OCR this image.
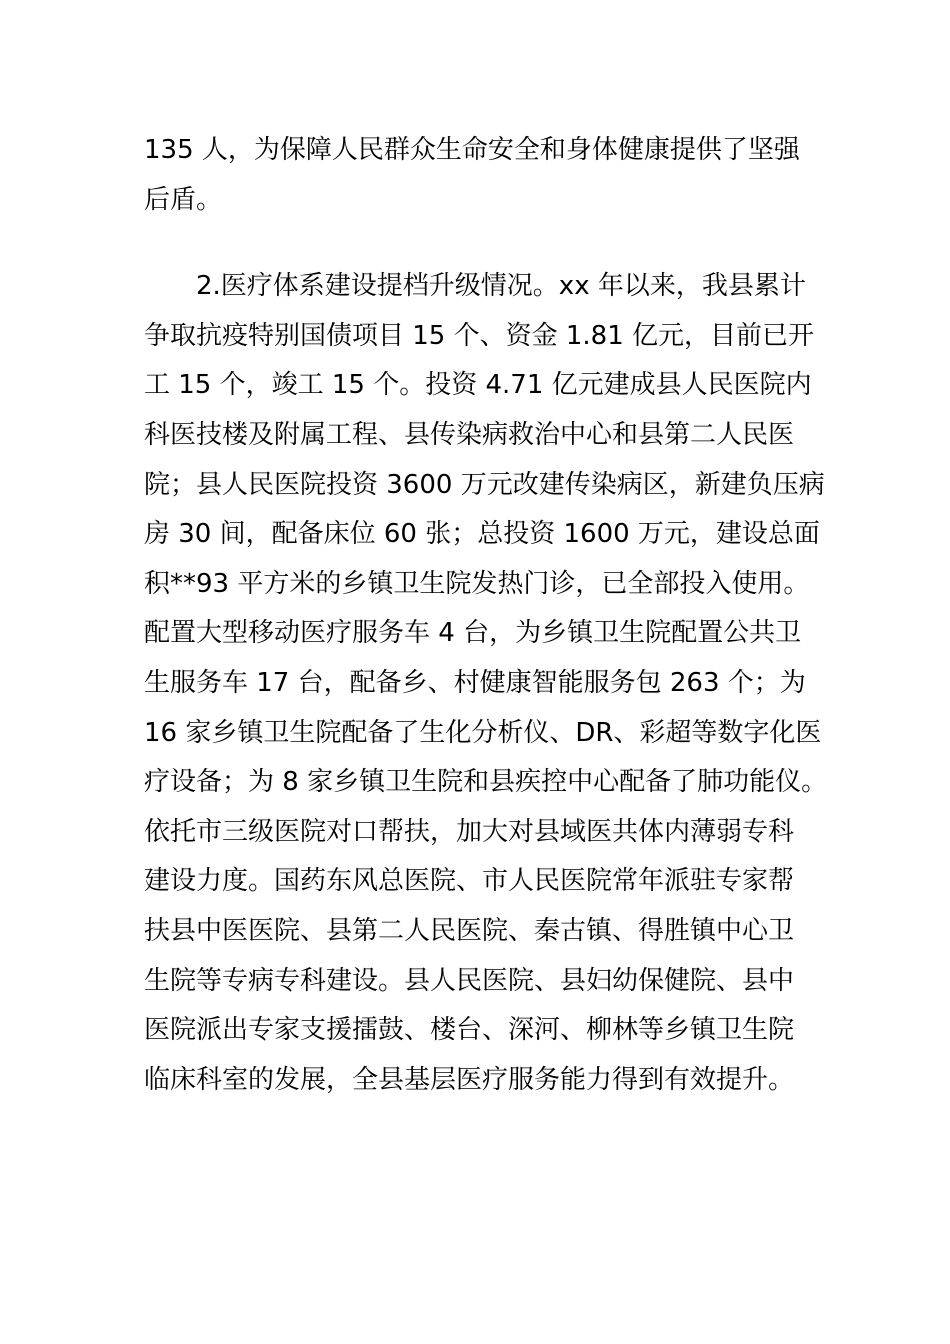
135 人，为保障人民群众生命安全和身体健康提供了坚强
后盾。
2.医疗体系建设提档升级情况。xx 年以来，我县累计
争取抗疫特别国债项目 15 个、资金 1.81 亿元，目前已开
工 15 个，竣工 15 个。投资 4.71 亿元建成县人民医院内
科医技楼及附属工程、县传染病救治中心和县第二人民医
院；县人民医院投资 3600 万元改建传染病区，新建负压病
房 30 间，配备床位 60 张；总投资 1600 万元，建设总面
积**93 平方米的乡镇卫生院发热门诊，已全部投入使用。
配置大型移动医疗服务车 4 台，为乡镇卫生院配置公共卫
生服务车 17 台，配备乡、村健康智能服务包 263 个；为
16 家乡镇卫生院配备了生化分析仪、DR、彩超等数字化医
疗设备；为 8 家乡镇卫生院和县疾控中心配备了肺功能仪。
依托市三级医院对口帮扶，加大对县域医共体内薄弱专科
建设力度。国药东风总医院、市人民医院常年派驻专家帮
扶县中医医院、县第二人民医院、秦古镇、得胜镇中心卫
生院等专病专科建设。县人民医院、县妇幼保健院、县中
医院派出专家支援擂鼓、楼台、深河、柳林等乡镇卫生院
临床科室的发展，全县基层医疗服务能力得到有效提升。
